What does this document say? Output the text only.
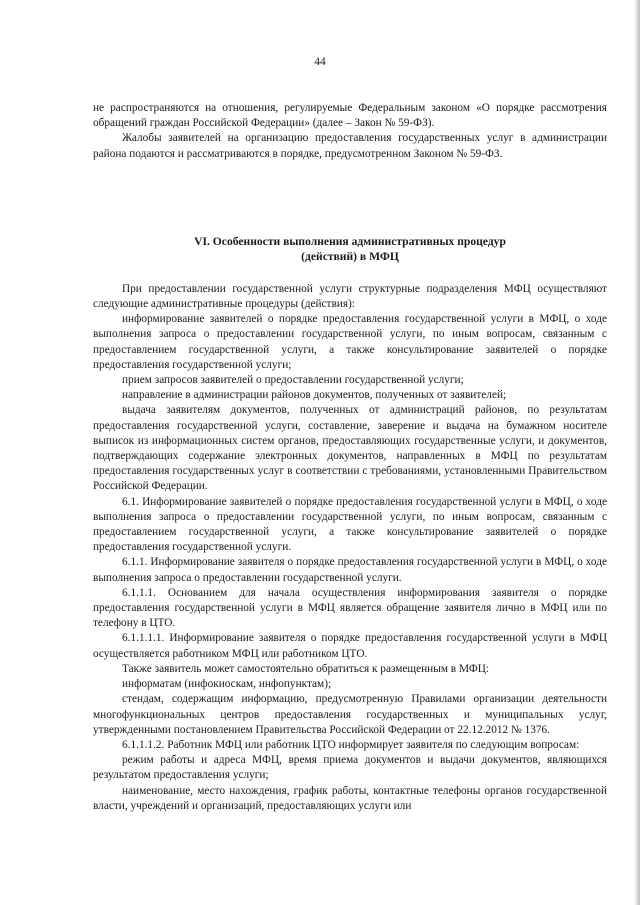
44

не распространяются на отношения, регулируемые Федеральным законом «О порядке рассмотрения обращений граждан Российской Федерации» (далее – Закон № 59-ФЗ).

Жалобы заявителей на организацию предоставления государственных услуг в администрации района подаются и рассматриваются в порядке, предусмотренном Законом № 59-ФЗ.

VI. Особенности выполнения административных процедур
(действий) в МФЦ

При предоставлении государственной услуги структурные подразделения МФЦ осуществляют следующие административные процедуры (действия):

информирование заявителей о порядке предоставления государственной услуги в МФЦ, о ходе выполнения запроса о предоставлении государственной услуги, по иным вопросам, связанным с предоставлением государственной услуги, а также консультирование заявителей о порядке предоставления государственной услуги;

прием запросов заявителей о предоставлении государственной услуги;

направление в администрации районов документов, полученных от заявителей;

выдача заявителям документов, полученных от администраций районов, по результатам предоставления государственной услуги, составление, заверение и выдача на бумажном носителе выписок из информационных систем органов, предоставляющих государственные услуги, и документов, подтверждающих содержание электронных документов, направленных в МФЦ по результатам предоставления государственных услуг в соответствии с требованиями, установленными Правительством Российской Федерации.

6.1. Информирование заявителей о порядке предоставления государственной услуги в МФЦ, о ходе выполнения запроса о предоставлении государственной услуги, по иным вопросам, связанным с предоставлением государственной услуги, а также консультирование заявителей о порядке предоставления государственной услуги.

6.1.1. Информирование заявителя о порядке предоставления государственной услуги в МФЦ, о ходе выполнения запроса о предоставлении государственной услуги.

6.1.1.1. Основанием для начала осуществления информирования заявителя о порядке предоставления государственной услуги в МФЦ является обращение заявителя лично в МФЦ или по телефону в ЦТО.

6.1.1.1.1. Информирование заявителя о порядке предоставления государственной услуги в МФЦ осуществляется работником МФЦ или работником ЦТО.

Также заявитель может самостоятельно обратиться к размещенным в МФЦ:

информатам (инфокиоскам, инфопунктам);

стендам, содержащим информацию, предусмотренную Правилами организации деятельности многофункциональных центров предоставления государственных и муниципальных услуг, утвержденными постановлением Правительства Российской Федерации от 22.12.2012 № 1376.

6.1.1.1.2. Работник МФЦ или работник ЦТО информирует заявителя по следующим вопросам:

режим работы и адреса МФЦ, время приема документов и выдачи документов, являющихся результатом предоставления услуги;

наименование, место нахождения, график работы, контактные телефоны органов государственной власти, учреждений и организаций, предоставляющих услуги или
